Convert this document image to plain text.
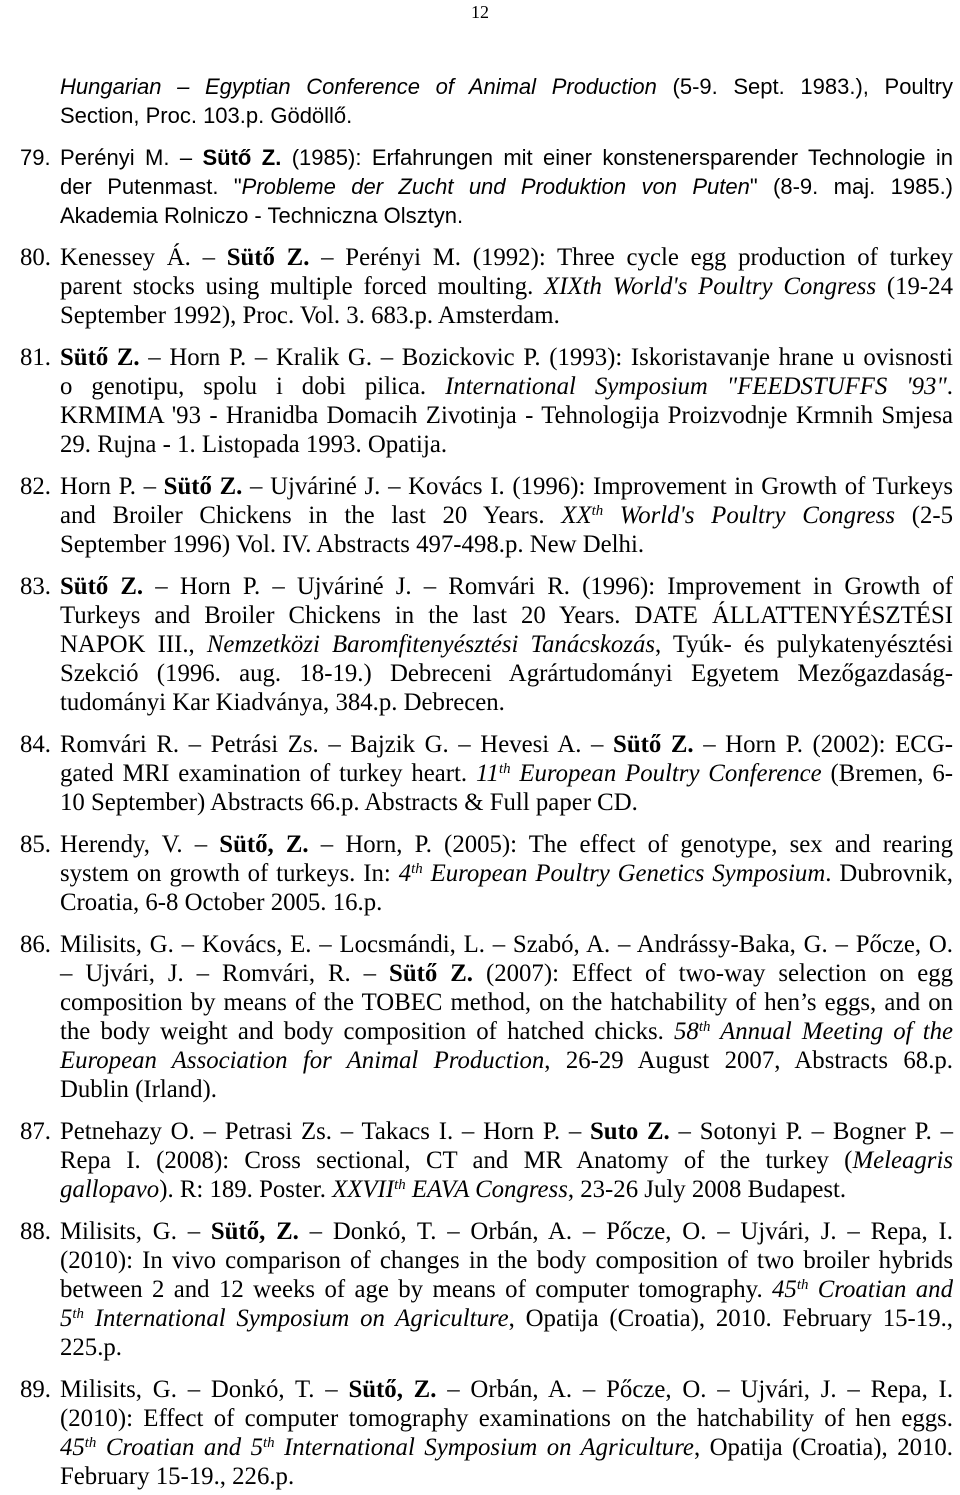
12
Hungarian – Egyptian Conference of Animal Production (5-9. Sept. 1983.), Poultry
Section, Proc. 103.p. Gödöllő.
79. Perényi M. – Sütő Z. (1985): Erfahrungen mit einer konstenersparender Technologie in
der Putenmast. "Probleme der Zucht und Produktion von Puten" (8-9. maj. 1985.)
Akademia Rolniczo - Techniczna Olsztyn.
80. Kenessey Á. – Sütő Z. – Perényi M. (1992): Three cycle egg production of turkey
parent stocks using multiple forced moulting. XIXth World's Poultry Congress (19-24
September 1992), Proc. Vol. 3. 683.p. Amsterdam.
81. Sütő Z. – Horn P. – Kralik G. – Bozickovic P. (1993): Iskoristavanje hrane u ovisnosti
o genotipu, spolu i dobi pilica. International Symposium "FEEDSTUFFS '93".
KRMIMA '93 - Hranidba Domacih Zivotinja - Tehnologija Proizvodnje Krmnih Smjesa
29. Rujna - 1. Listopada 1993. Opatija.
82. Horn P. – Sütő Z. – Ujváriné J. – Kovács I. (1996): Improvement in Growth of Turkeys
and Broiler Chickens in the last 20 Years. XXth World's Poultry Congress (2-5
September 1996) Vol. IV. Abstracts 497-498.p. New Delhi.
83. Sütő Z. – Horn P. – Ujváriné J. – Romvári R. (1996): Improvement in Growth of
Turkeys and Broiler Chickens in the last 20 Years. DATE ÁLLATTENYÉSZTÉSI
NAPOK III., Nemzetközi Baromfitenyésztési Tanácskozás, Tyúk- és pulykatenyésztési
Szekció (1996. aug. 18-19.) Debreceni Agrártudományi Egyetem Mezőgazdaság-
tudományi Kar Kiadványa, 384.p. Debrecen.
84. Romvári R. – Petrási Zs. – Bajzik G. – Hevesi A. – Sütő Z. – Horn P. (2002): ECG-
gated MRI examination of turkey heart. 11th European Poultry Conference (Bremen, 6-
10 September) Abstracts 66.p. Abstracts & Full paper CD.
85. Herendy, V. – Sütő, Z. – Horn, P. (2005): The effect of genotype, sex and rearing
system on growth of turkeys. In: 4th European Poultry Genetics Symposium. Dubrovnik,
Croatia, 6-8 October 2005. 16.p.
86. Milisits, G. – Kovács, E. – Locsmándi, L. – Szabó, A. – Andrássy-Baka, G. – Pőcze, O.
– Ujvári, J. – Romvári, R. – Sütő Z. (2007): Effect of two-way selection on egg
composition by means of the TOBEC method, on the hatchability of hen’s eggs, and on
the body weight and body composition of hatched chicks. 58th Annual Meeting of the
European Association for Animal Production, 26-29 August 2007, Abstracts 68.p.
Dublin (Irland).
87. Petnehazy O. – Petrasi Zs. – Takacs I. – Horn P. – Suto Z. – Sotonyi P. – Bogner P. –
Repa I. (2008): Cross sectional, CT and MR Anatomy of the turkey (Meleagris
gallopavo). R: 189. Poster. XXVIIth EAVA Congress, 23-26 July 2008 Budapest.
88. Milisits, G. – Sütő, Z. – Donkó, T. – Orbán, A. – Pőcze, O. – Ujvári, J. – Repa, I.
(2010): In vivo comparison of changes in the body composition of two broiler hybrids
between 2 and 12 weeks of age by means of computer tomography. 45th Croatian and
5th International Symposium on Agriculture, Opatija (Croatia), 2010. February 15-19.,
225.p.
89. Milisits, G. – Donkó, T. – Sütő, Z. – Orbán, A. – Pőcze, O. – Ujvári, J. – Repa, I.
(2010): Effect of computer tomography examinations on the hatchability of hen eggs.
45th Croatian and 5th International Symposium on Agriculture, Opatija (Croatia), 2010.
February 15-19., 226.p.
